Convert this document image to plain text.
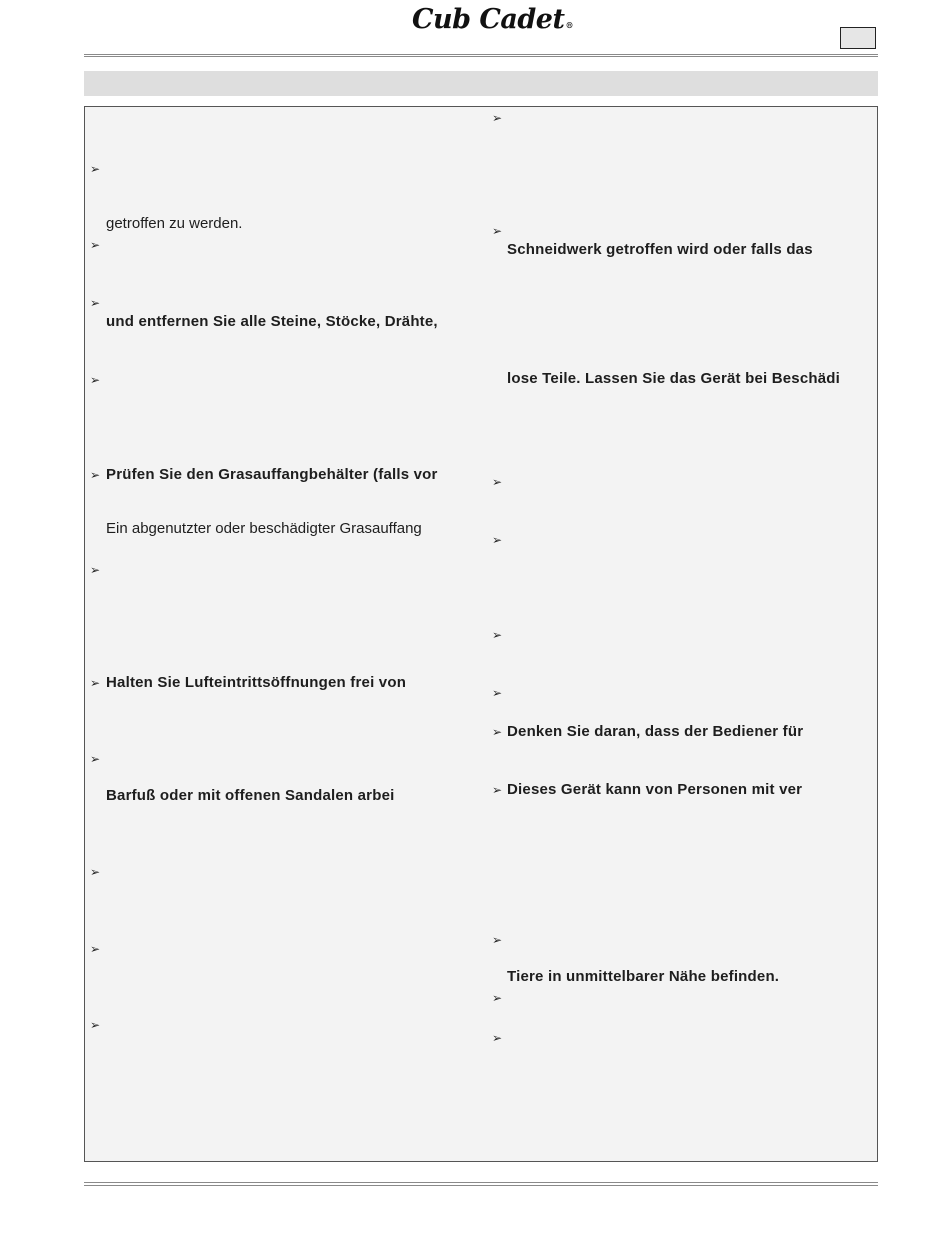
Cub Cadet®
➢
➢
➢
➢
➢
➢
➢
➢
➢
➢
➢
➢
➢
➢
➢
➢
➢
➢
➢
➢
➢
➢
getroffen zu werden.
und entfernen Sie alle Steine, Stöcke, Drähte,
Prüfen Sie den Grasauffangbehälter (falls vor
Ein abgenutzter oder beschädigter Grasauffang
Halten Sie Lufteintrittsöffnungen frei von
Barfuß oder mit offenen Sandalen arbei
Schneidwerk getroffen wird oder falls das
lose Teile. Lassen Sie das Gerät bei Beschädi
Denken Sie daran, dass der Bediener für
Dieses Gerät kann von Personen mit ver
Tiere in unmittelbarer Nähe befinden.
